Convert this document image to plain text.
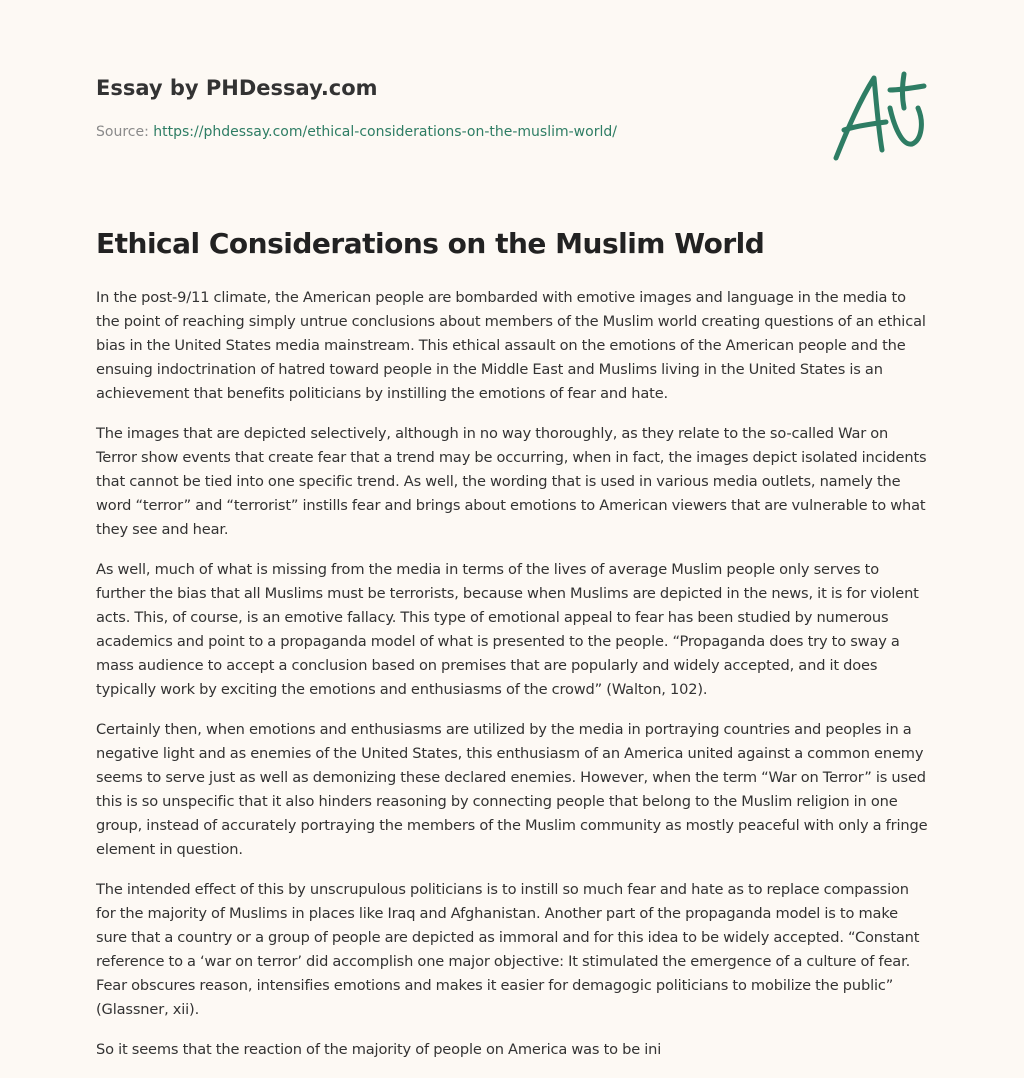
Essay by PHDessay.com
Source: https://phdessay.com/ethical-considerations-on-the-muslim-world/
Ethical Considerations on the Muslim World

In the post-9/11 climate, the American people are bombarded with emotive images and language in the media to the point of reaching simply untrue conclusions about members of the Muslim world creating questions of an ethical bias in the United States media mainstream. This ethical assault on the emotions of the American people and the ensuing indoctrination of hatred toward people in the Middle East and Muslims living in the United States is an achievement that benefits politicians by instilling the emotions of fear and hate.

The images that are depicted selectively, although in no way thoroughly, as they relate to the so-called War on Terror show events that create fear that a trend may be occurring, when in fact, the images depict isolated incidents that cannot be tied into one specific trend. As well, the wording that is used in various media outlets, namely the word “terror” and “terrorist” instills fear and brings about emotions to American viewers that are vulnerable to what they see and hear.

As well, much of what is missing from the media in terms of the lives of average Muslim people only serves to further the bias that all Muslims must be terrorists, because when Muslims are depicted in the news, it is for violent acts. This, of course, is an emotive fallacy. This type of emotional appeal to fear has been studied by numerous academics and point to a propaganda model of what is presented to the people. “Propaganda does try to sway a mass audience to accept a conclusion based on premises that are popularly and widely accepted, and it does typically work by exciting the emotions and enthusiasms of the crowd” (Walton, 102).

Certainly then, when emotions and enthusiasms are utilized by the media in portraying countries and peoples in a negative light and as enemies of the United States, this enthusiasm of an America united against a common enemy seems to serve just as well as demonizing these declared enemies. However, when the term “War on Terror” is used this is so unspecific that it also hinders reasoning by connecting people that belong to the Muslim religion in one group, instead of accurately portraying the members of the Muslim community as mostly peaceful with only a fringe element in question.

The intended effect of this by unscrupulous politicians is to instill so much fear and hate as to replace compassion for the majority of Muslims in places like Iraq and Afghanistan. Another part of the propaganda model is to make sure that a country or a group of people are depicted as immoral and for this idea to be widely accepted. “Constant reference to a ‘war on terror’ did accomplish one major objective: It stimulated the emergence of a culture of fear. Fear obscures reason, intensifies emotions and makes it easier for demagogic politicians to mobilize the public” (Glassner, xii).

So it seems that the reaction of the majority of people on America was to be ini
